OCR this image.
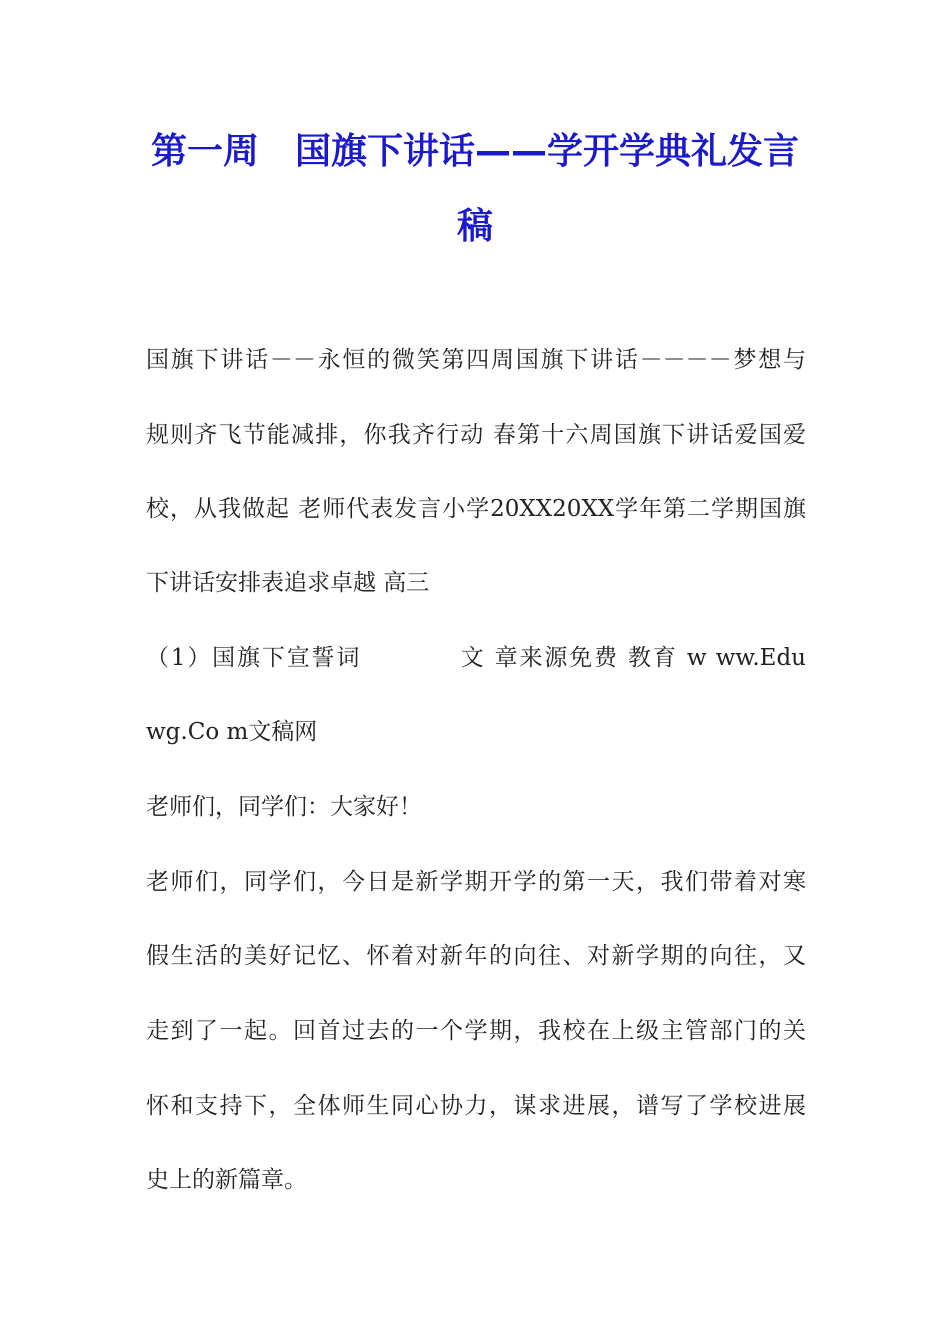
第一周　国旗下讲话——学开学典礼发言
稿
国旗下讲话－－永恒的微笑第四周国旗下讲话－－－－梦想与
规则齐飞节能减排，你我齐行动 春第十六周国旗下讲话爱国爱
校，从我做起 老师代表发言小学20XX20XX学年第二学期国旗
下讲话安排表追求卓越 高三
（1）国旗下宣誓词　　　　文 章来源免费 教育 w ww.Edu
wg.Co m文稿网
老师们，同学们：大家好！
老师们，同学们，今日是新学期开学的第一天，我们带着对寒
假生活的美好记忆、怀着对新年的向往、对新学期的向往，又
走到了一起。回首过去的一个学期，我校在上级主管部门的关
怀和支持下，全体师生同心协力，谋求进展，谱写了学校进展
史上的新篇章。
